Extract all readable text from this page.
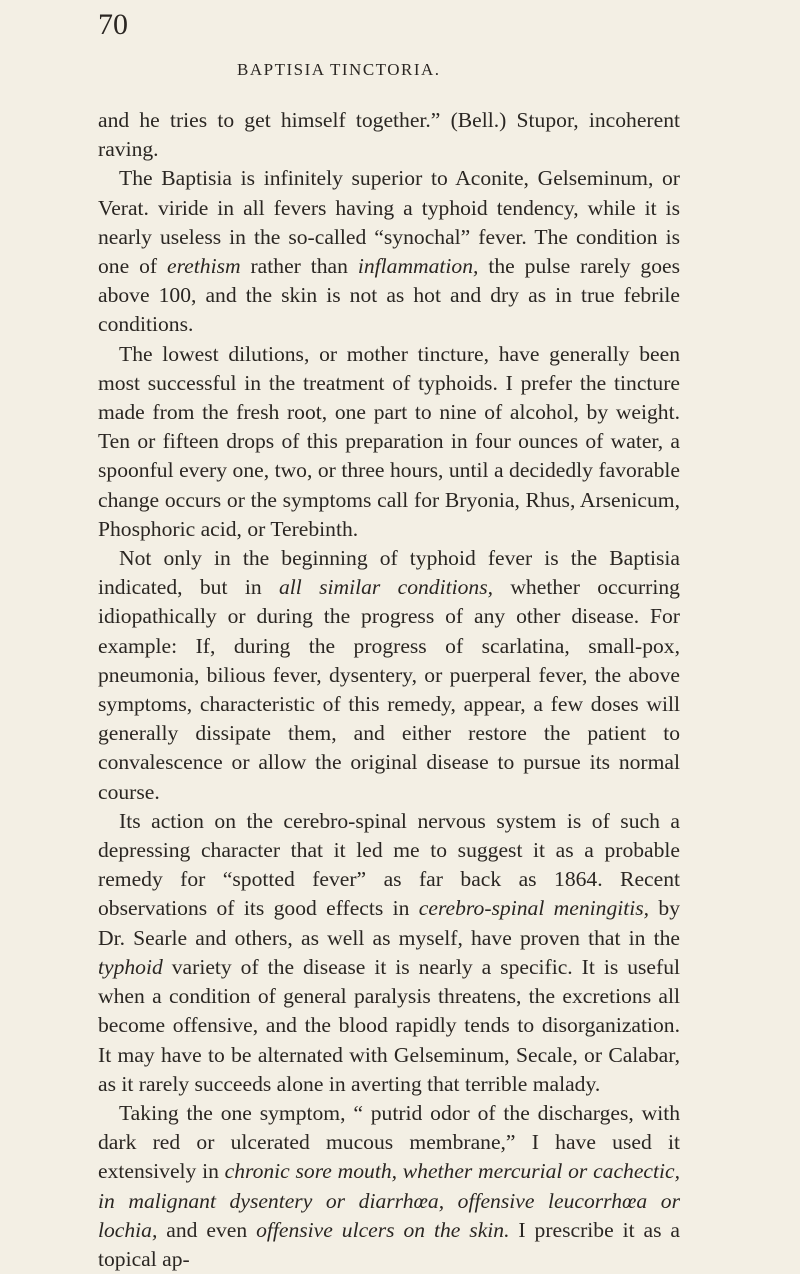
70
BAPTISIA TINCTORIA.

and he tries to get himself together.” (Bell.) Stupor, incoherent raving.

The Baptisia is infinitely superior to Aconite, Gelseminum, or Verat. viride in all fevers having a typhoid tendency, while it is nearly useless in the so-called “synochal” fever. The condition is one of erethism rather than inflammation, the pulse rarely goes above 100, and the skin is not as hot and dry as in true febrile conditions.

The lowest dilutions, or mother tincture, have generally been most successful in the treatment of typhoids. I prefer the tincture made from the fresh root, one part to nine of alcohol, by weight. Ten or fifteen drops of this preparation in four ounces of water, a spoonful every one, two, or three hours, until a decidedly favorable change occurs or the symptoms call for Bryonia, Rhus, Arsenicum, Phosphoric acid, or Terebinth.

Not only in the beginning of typhoid fever is the Baptisia indicated, but in all similar conditions, whether occurring idiopathically or during the progress of any other disease. For example: If, during the progress of scarlatina, small-pox, pneumonia, bilious fever, dysentery, or puerperal fever, the above symptoms, characteristic of this remedy, appear, a few doses will generally dissipate them, and either restore the patient to convalescence or allow the original disease to pursue its normal course.

Its action on the cerebro-spinal nervous system is of such a depressing character that it led me to suggest it as a probable remedy for “spotted fever” as far back as 1864. Recent observations of its good effects in cerebro-spinal meningitis, by Dr. Searle and others, as well as myself, have proven that in the typhoid variety of the disease it is nearly a specific. It is useful when a condition of general paralysis threatens, the excretions all become offensive, and the blood rapidly tends to disorganization. It may have to be alternated with Gelseminum, Secale, or Calabar, as it rarely succeeds alone in averting that terrible malady.

Taking the one symptom, “ putrid odor of the discharges, with dark red or ulcerated mucous membrane,” I have used it extensively in chronic sore mouth, whether mercurial or cachectic, in malignant dysentery or diarrhœa, offensive leucorrhœa or lochia, and even offensive ulcers on the skin. I prescribe it as a topical ap-
